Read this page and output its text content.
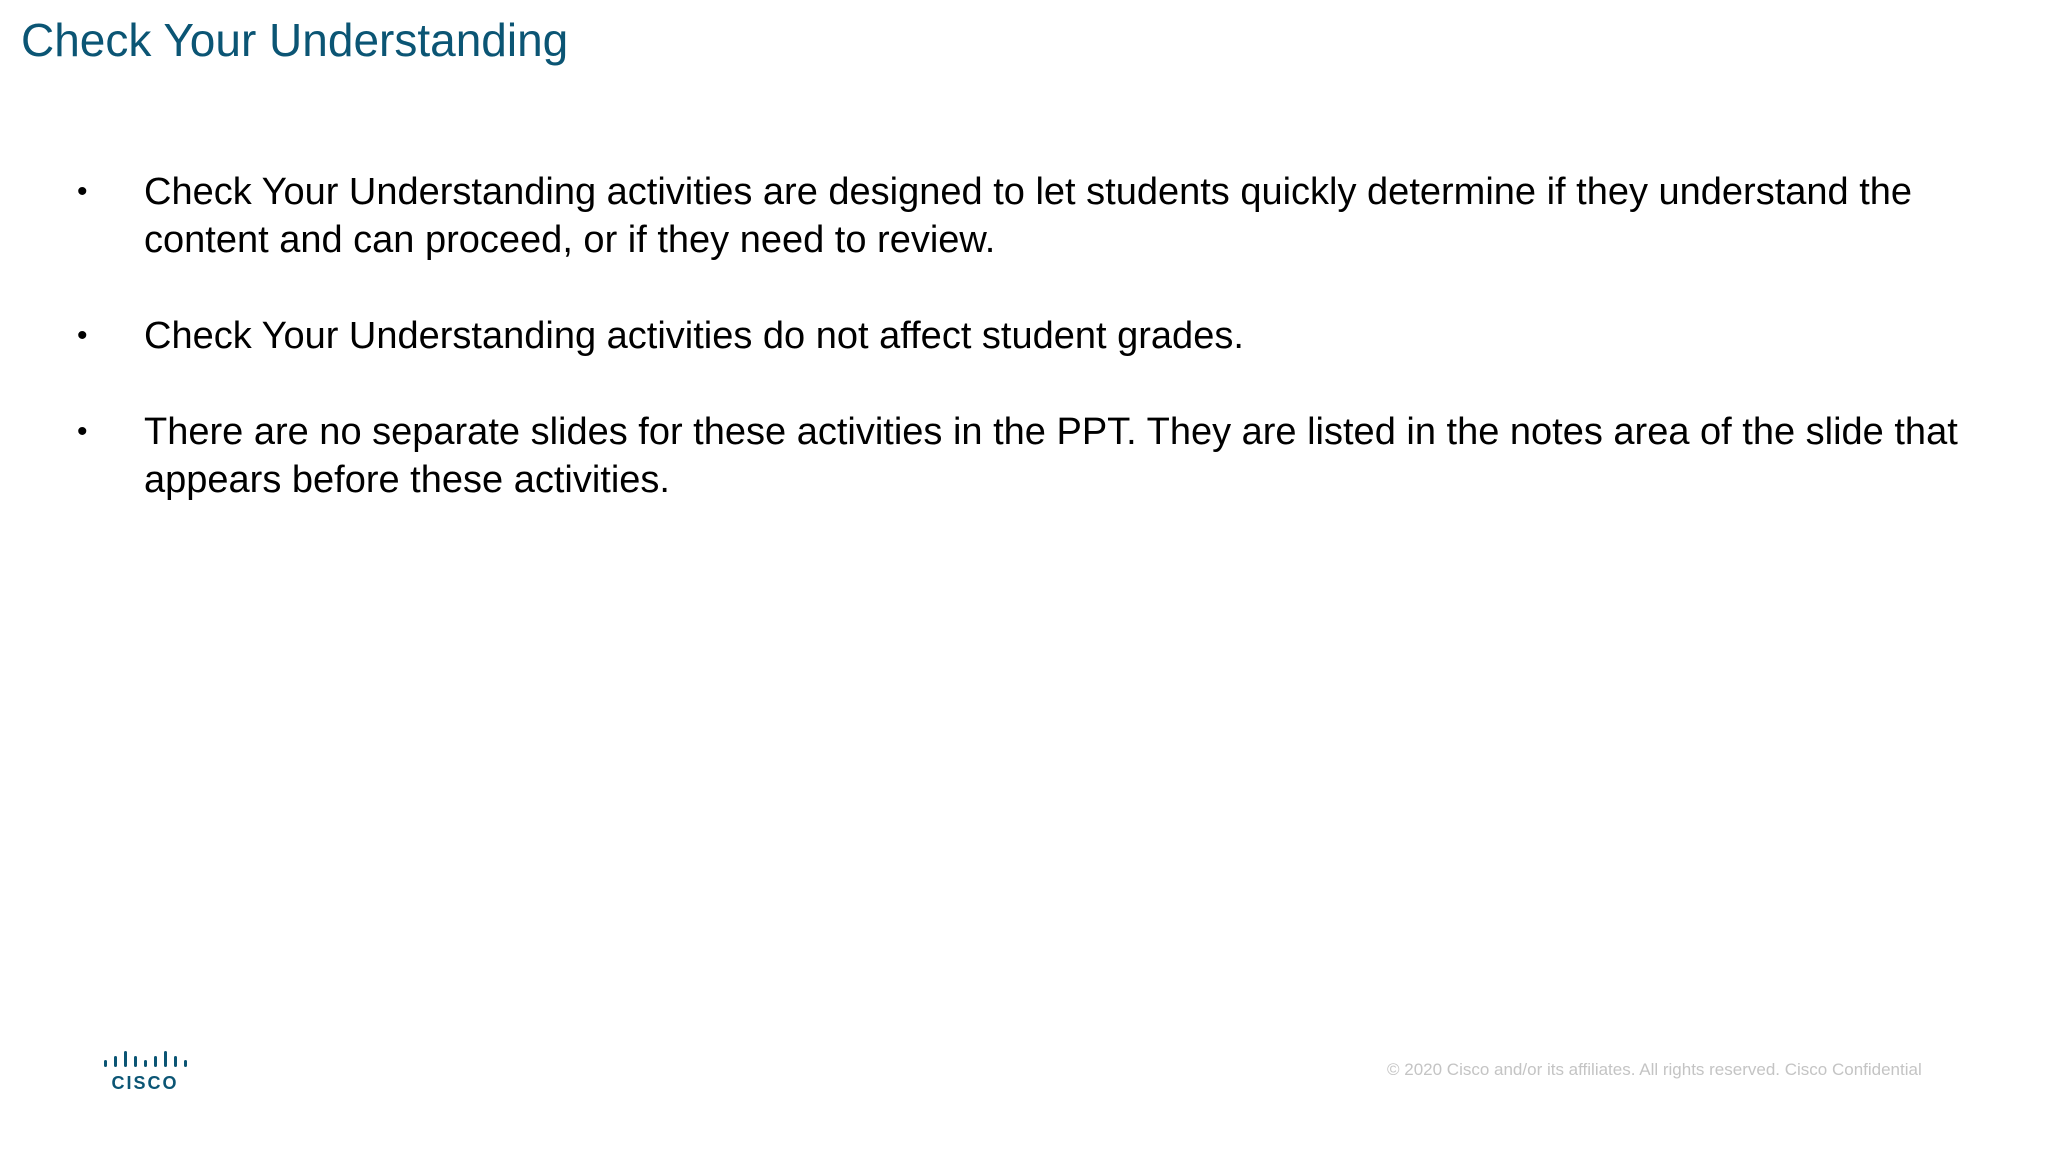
Check Your Understanding
• Check Your Understanding activities are designed to let students quickly determine if they understand the content and can proceed, or if they need to review.
• Check Your Understanding activities do not affect student grades.
• There are no separate slides for these activities in the PPT. They are listed in the notes area of the slide that appears before these activities.
CISCO
© 2020 Cisco and/or its affiliates. All rights reserved. Cisco Confidential
